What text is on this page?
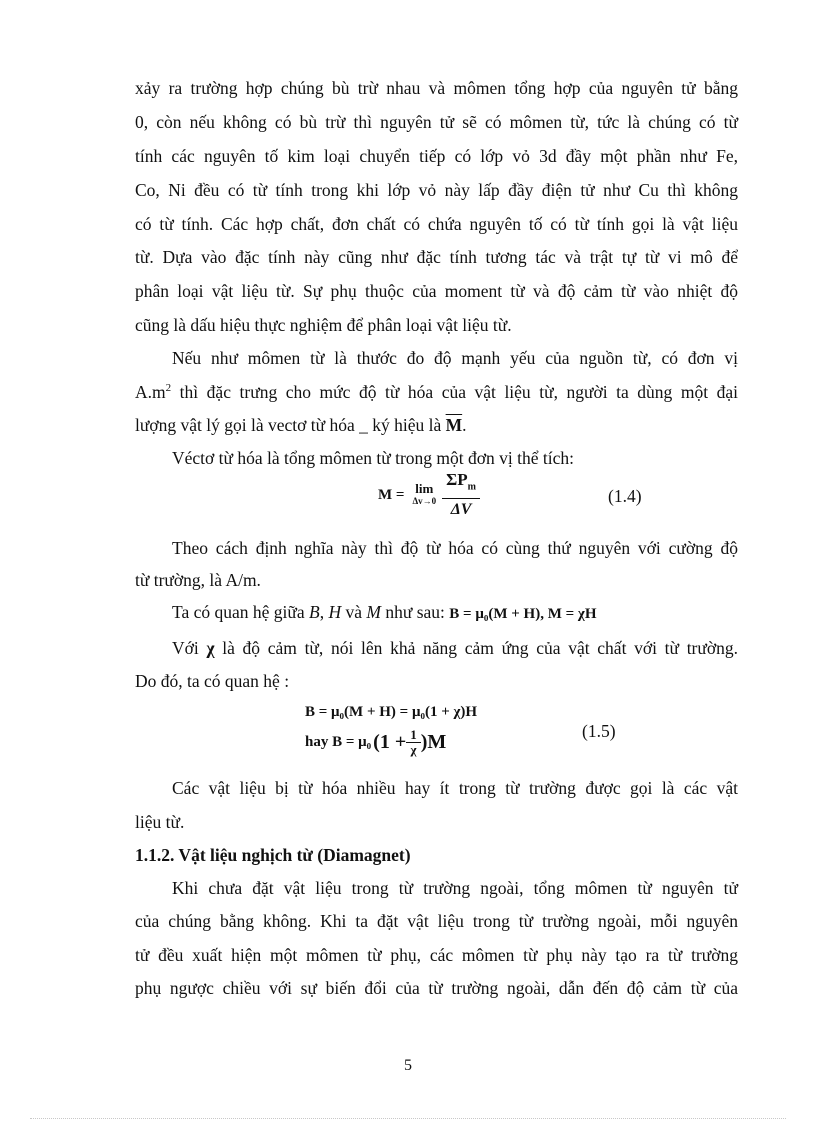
xảy ra trường hợp chúng bù trừ nhau và mômen tổng hợp của nguyên tử bằng
0, còn nếu không có bù trừ thì nguyên tử sẽ có mômen từ, tức là chúng có từ
tính các nguyên tố kim loại chuyển tiếp có lớp vỏ 3d đầy một phần như Fe,
Co, Ni đều có từ tính trong khi lớp vỏ này lấp đầy điện tử như Cu thì không
có từ tính. Các hợp chất, đơn chất có chứa nguyên tố có từ tính gọi là vật liệu
từ. Dựa vào đặc tính này cũng như đặc tính tương tác và trật tự từ vi mô để
phân loại vật liệu từ. Sự phụ thuộc của moment từ và độ cảm từ vào nhiệt độ
cũng là dấu hiệu thực nghiệm để phân loại vật liệu từ.
Nếu như mômen từ là thước đo độ mạnh yếu của nguồn từ, có đơn vị
$A.m^2$ thì đặc trưng cho mức độ từ hóa của vật liệu từ, người ta dùng một đại
lượng vật lý gọi là vectơ từ hóa _ ký hiệu là $\overline{M}$.
Véctơ từ hóa là tổng mômen từ trong một đơn vị thể tích:
M = lim
$\Delta v\to 0 \frac{\Sigma P_m}{\Delta V}$	(1.4)
Theo cách định nghĩa này thì độ từ hóa có cùng thứ nguyên với cường độ
từ trường, là A/m.
Ta có quan hệ giữa B, H và M như sau: B = μ₀(M + H), M = χH
Với χ là độ cảm từ, nói lên khả năng cảm ứng của vật chất với từ trường.
Do đó, ta có quan hệ :
B = μ₀(M + H) = μ₀(1 + χ)H
hay B = μ₀ $(1 + \frac{1}{\chi} )M$	(1.5)
Các vật liệu bị từ hóa nhiều hay ít trong từ trường được gọi là các vật
liệu từ.
1.1.2. Vật liệu nghịch từ (Diamagnet)
Khi chưa đặt vật liệu trong từ trường ngoài, tổng mômen từ nguyên tử
của chúng bằng không. Khi ta đặt vật liệu trong từ trường ngoài, mỗi nguyên
tử đều xuất hiện một mômen từ phụ, các mômen từ phụ này tạo ra từ trường
phụ ngược chiều với sự biến đổi của từ trường ngoài, dẫn đến độ cảm từ của
5
